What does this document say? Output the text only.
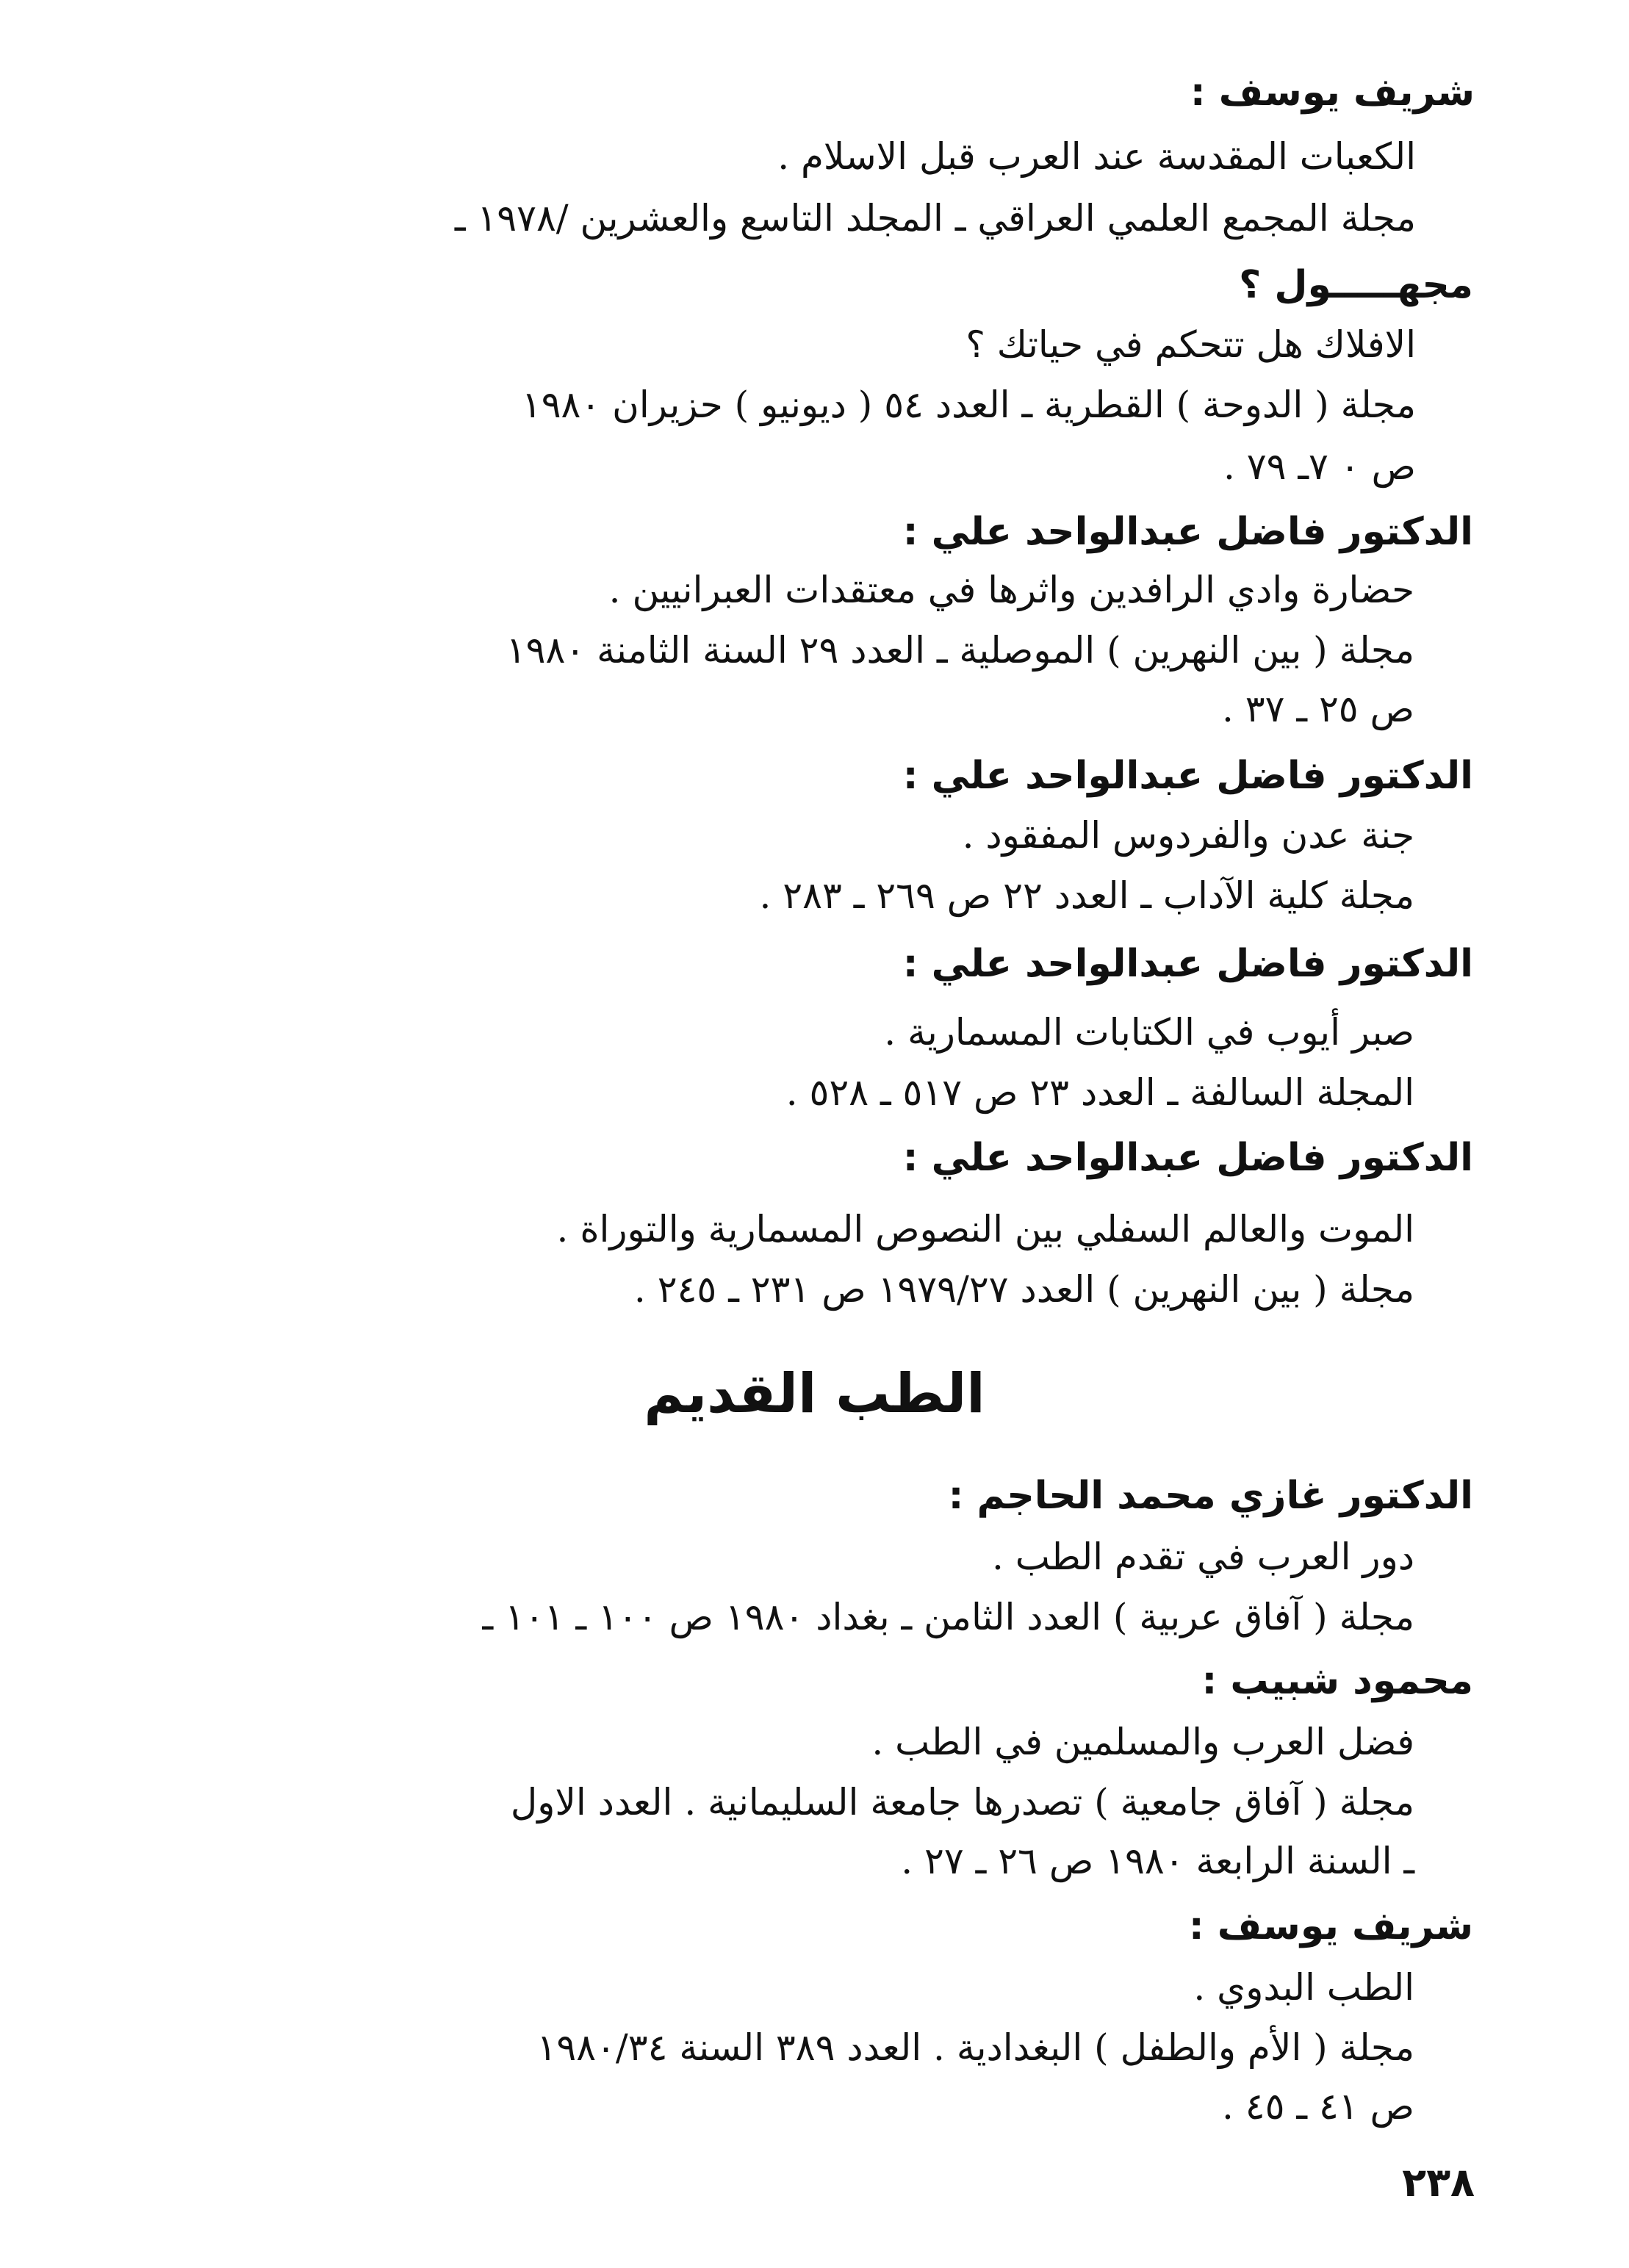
شريف يوسف :
الكعبات المقدسة عند العرب قبل الاسلام .
مجلة المجمع العلمي العراقي ـ المجلد التاسع والعشرين /١٩٧٨ ـ
مجهـــــول ؟
الافلاك هل تتحكم في حياتك ؟
مجلة ( الدوحة ) القطرية ـ العدد ٥٤ ( ديونيو ) حزيران ١٩٨٠
ص ٠ ٧ـ ٧٩ .
الدكتور فاضل عبدالواحد علي :
حضارة وادي الرافدين واثرها في معتقدات العبرانيين .
مجلة ( بين النهرين ) الموصلية ـ العدد ٢٩ السنة الثامنة ١٩٨٠
ص ٢٥ ـ ٣٧ .
الدكتور فاضل عبدالواحد علي :
جنة عدن والفردوس المفقود .
مجلة كلية الآداب ـ العدد ٢٢ ص ٢٦٩ ـ ٢٨٣ .
الدكتور فاضل عبدالواحد علي :
صبر أيوب في الكتابات المسمارية .
المجلة السالفة ـ العدد ٢٣ ص ٥١٧ ـ ٥٢٨ .
الدكتور فاضل عبدالواحد علي :
الموت والعالم السفلي بين النصوص المسمارية والتوراة .
مجلة ( بين النهرين ) العدد ١٩٧٩/٢٧ ص ٢٣١ ـ ٢٤٥ .
الطب القديم
الدكتور غازي محمد الحاجم :
دور العرب في تقدم الطب .
مجلة ( آفاق عربية ) العدد الثامن ـ بغداد ١٩٨٠ ص ١٠٠ ـ ١٠١ ـ
محمود شبيب :
فضل العرب والمسلمين في الطب .
مجلة ( آفاق جامعية ) تصدرها جامعة السليمانية . العدد الاول
ـ السنة الرابعة ١٩٨٠ ص ٢٦ ـ ٢٧ .
شريف يوسف :
الطب البدوي .
مجلة ( الأم والطفل ) البغدادية . العدد ٣٨٩ السنة ١٩٨٠/٣٤
ص ٤١ ـ ٤٥ .
٢٣٨
